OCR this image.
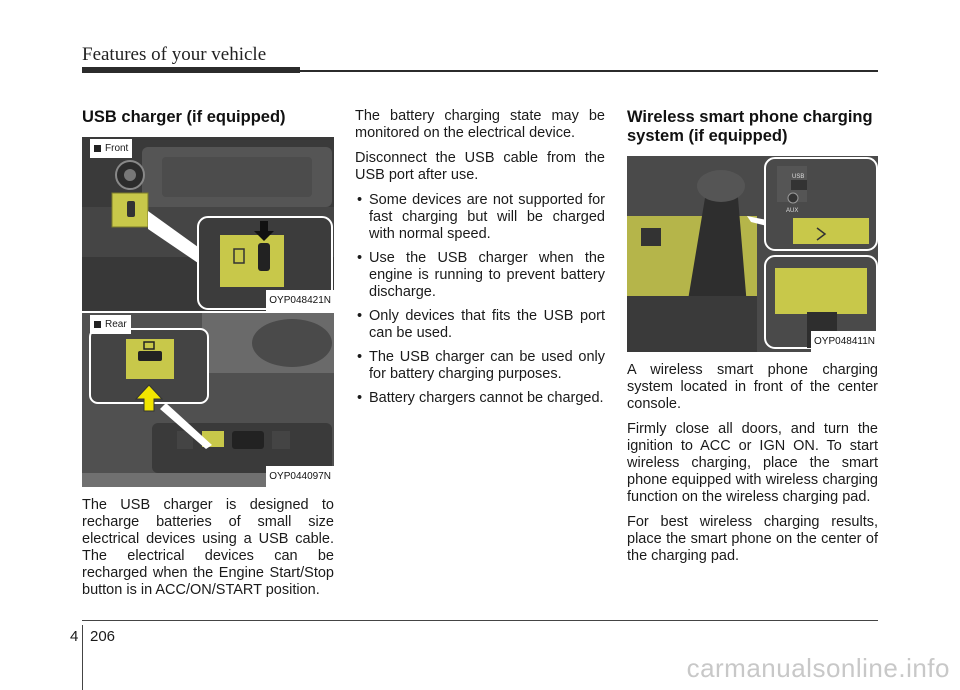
Features of your vehicle
USB charger (if equipped)
Front
OYP048421N
Rear
OYP044097N

The USB charger is designed to recharge batteries of small size electrical devices using a USB cable. The electrical devices can be recharged when the Engine Start/Stop button is in ACC/ON/START position.

The battery charging state may be monitored on the electrical device.

Disconnect the USB cable from the USB port after use.

• Some devices are not supported for fast charging but will be charged with normal speed.
• Use the USB charger when the engine is running to prevent battery discharge.
• Only devices that fits the USB port can be used.
• The USB charger can be used only for battery charging purposes.
• Battery chargers cannot be charged.
Wireless smart phone charging system (if equipped)
USB
AUX
OYP048411N

A wireless smart phone charging system located in front of the center console.

Firmly close all doors, and turn the ignition to ACC or IGN ON. To start wireless charging, place the smart phone equipped with wireless charging function on the wireless charging pad.

For best wireless charging results, place the smart phone on the center of the charging pad.

4 206
carmanualsonline.info
